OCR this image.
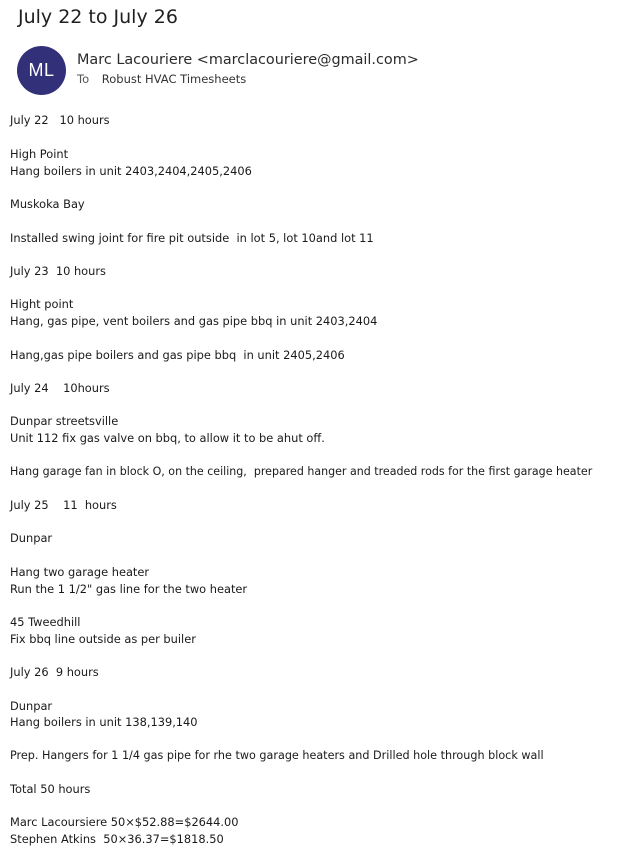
July 22 to July 26
ML	Marc Lacouriere <marclacouriere@gmail.com>
To Robust HVAC Timesheets
July 22   10 hours
High Point
Hang boilers in unit 2403,2404,2405,2406
Muskoka Bay
Installed swing joint for fire pit outside  in lot 5, lot 10and lot 11
July 23  10 hours
Hight point
Hang, gas pipe, vent boilers and gas pipe bbq in unit 2403,2404
Hang,gas pipe boilers and gas pipe bbq  in unit 2405,2406
July 24    10hours
Dunpar streetsville
Unit 112 fix gas valve on bbq, to allow it to be ahut off.
Hang garage fan in block O, on the ceiling,  prepared hanger and treaded rods for the first garage heater
July 25    11  hours
Dunpar
Hang two garage heater
Run the 1 1/2" gas line for the two heater
45 Tweedhill
Fix bbq line outside as per builer
July 26  9 hours
Dunpar
Hang boilers in unit 138,139,140
Prep. Hangers for 1 1/4 gas pipe for rhe two garage heaters and Drilled hole through block wall
Total 50 hours
Marc Lacoursiere 50×$52.88=$2644.00
Stephen Atkins  50×36.37=$1818.50
